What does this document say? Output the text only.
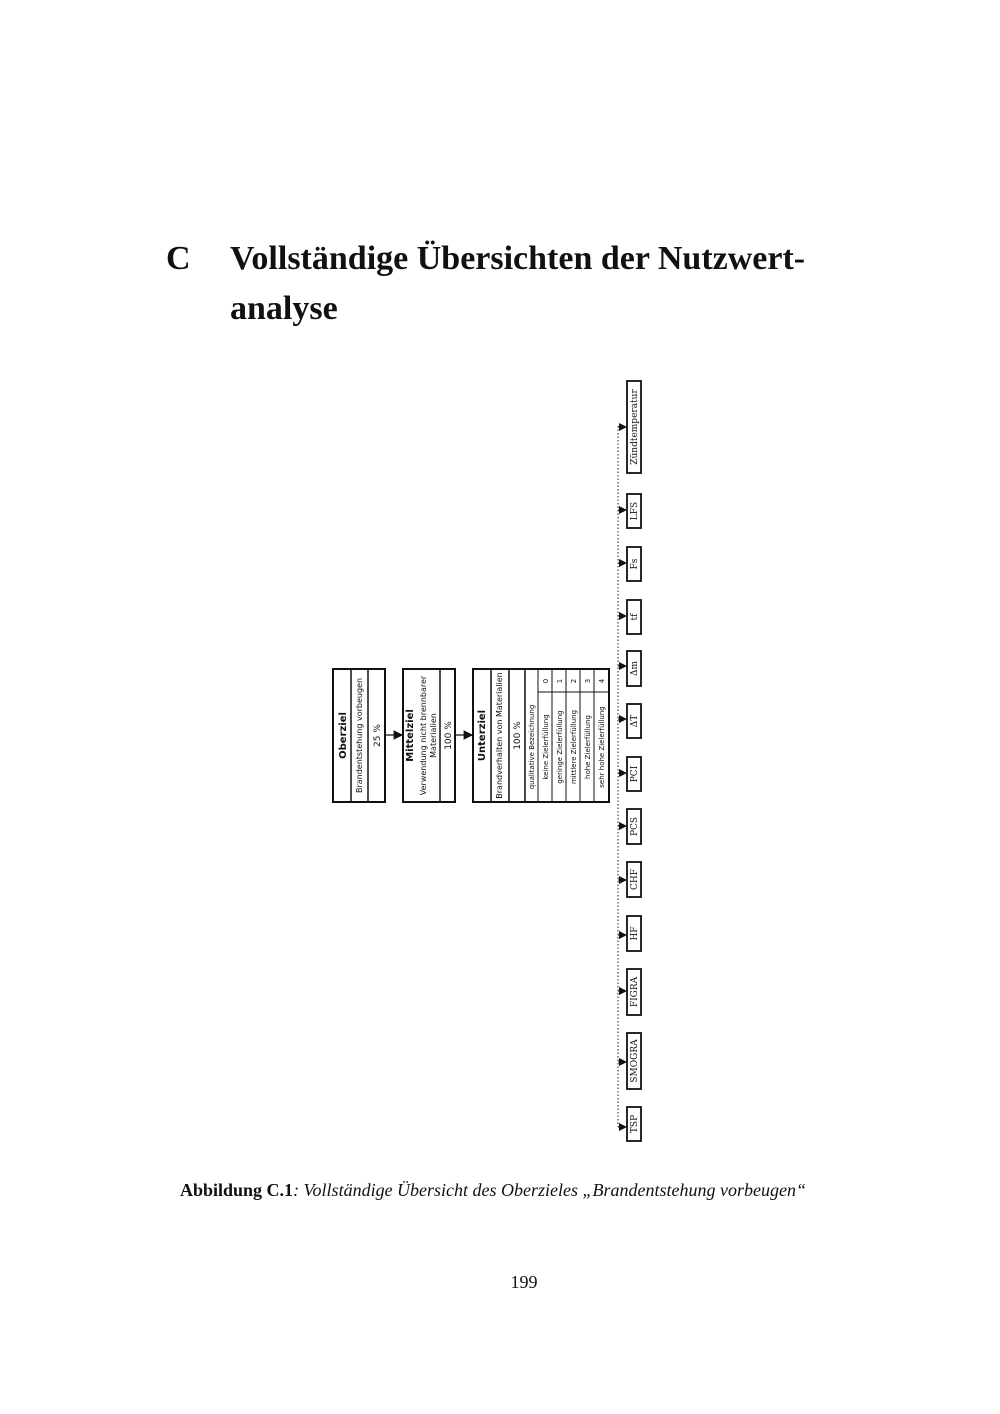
C Vollständige Übersichten der Nutzwert-analyse
Oberziel Brandentstehung vorbeugen 25 % Mittelziel Verwendung nicht brennbarer Materialien 100 % Unterziel Brandverhalten von Materialien 100 % qualitative Bezeichnung keine Zielerfüllung
0
geringe Zielerfüllung
1
mittlere Zielerfüllung
2
hohe Zielerfüllung
3
sehr hohe Zielerfüllung
4
TSP
SMOGRA
FIGRA
HF
CHF
PCS
PCI
ΔT
Δm
tf
Fs
LFS
Zündtemperatur
Abbildung C.1: Vollständige Übersicht des Oberzieles „Brandentstehung vorbeugen“
199
